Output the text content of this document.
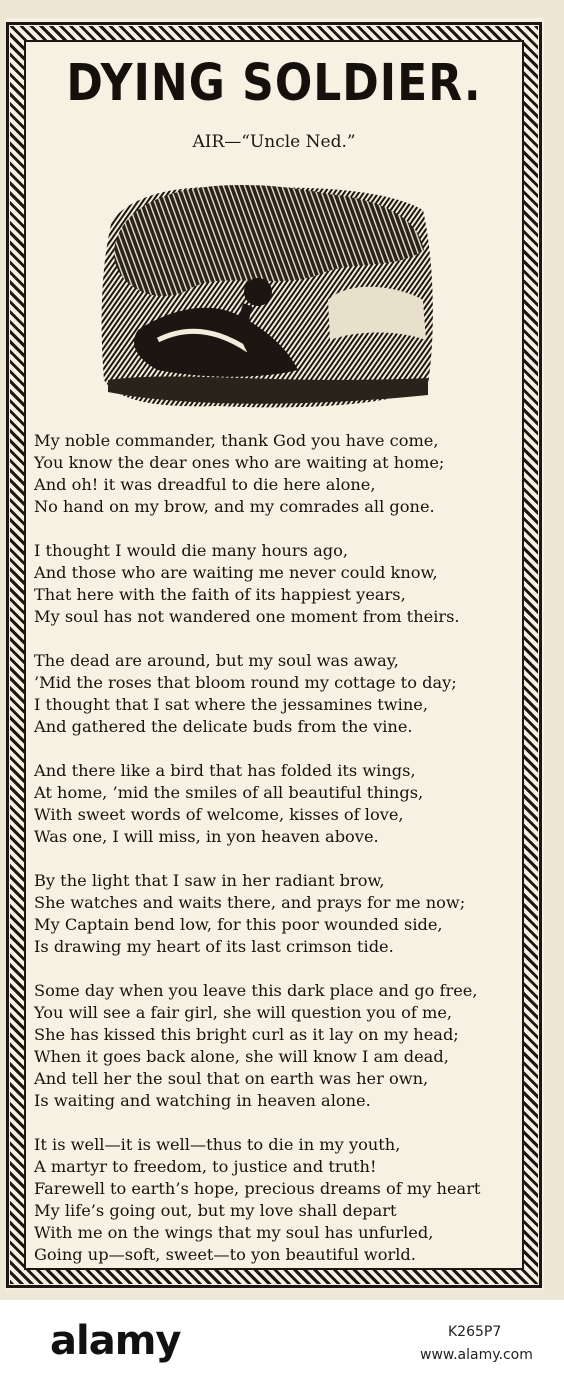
DYING SOLDIER.
AIR—“Uncle Ned.”
My noble commander, thank God you have come,
You know the dear ones who are waiting at home;
And oh! it was dreadful to die here alone,
No hand on my brow, and my comrades all gone.
I thought I would die many hours ago,
And those who are waiting me never could know,
That here with the faith of its happiest years,
My soul has not wandered one moment from theirs.
The dead are around, but my soul was away,
’Mid the roses that bloom round my cottage to day;
I thought that I sat where the jessamines twine,
And gathered the delicate buds from the vine.
And there like a bird that has folded its wings,
At home, ’mid the smiles of all beautiful things,
With sweet words of welcome, kisses of love,
Was one, I will miss, in yon heaven above.
By the light that I saw in her radiant brow,
She watches and waits there, and prays for me now;
My Captain bend low, for this poor wounded side,
Is drawing my heart of its last crimson tide.
Some day when you leave this dark place and go free,
You will see a fair girl, she will question you of me,
She has kissed this bright curl as it lay on my head;
When it goes back alone, she will know I am dead,
And tell her the soul that on earth was her own,
Is waiting and watching in heaven alone.
It is well—it is well—thus to die in my youth,
A martyr to freedom, to justice and truth!
Farewell to earth’s hope, precious dreams of my heart
My life’s going out, but my love shall depart
With me on the wings that my soul has unfurled,
Going up—soft, sweet—to yon beautiful world.
alamy	K265P7
www.alamy.com
